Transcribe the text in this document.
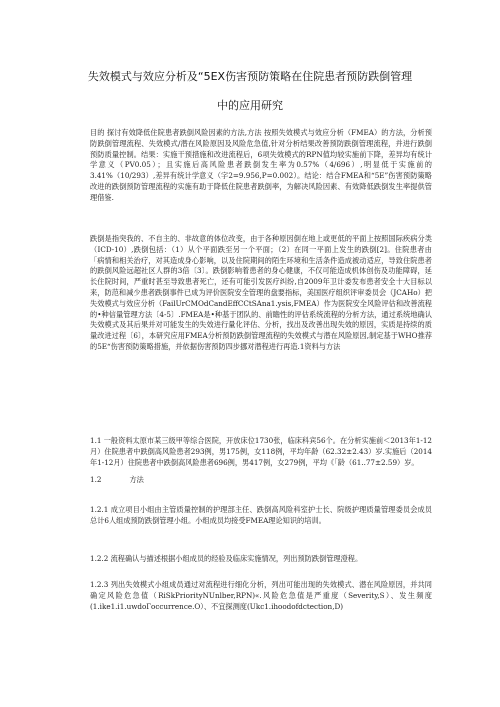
失效模式与效应分析及“5EX伤害预防策略在住院患者预防跌倒管理
中的应用研究

目的 探讨有效降低住院患者跌倒风险因素的方法,方法 按照失效模式与效应分析（FMEA）的方法，分析预防跌倒管理流程、失效模式/潜在风险原因及风险危急值,针对分析结果改善预防跌倒管理流程，并进行跌倒预防质量控制。结果：实施干预措施和改进流程后，6项失效模式的RPN值均较实施前下降，差异均有统计学意义（PV0.05）；且实施后高风险患者跌倒发生率为0.57%（4/696）,明显低于实施前的3.41%（10/293）,差异有统计学意义（字2=9.956,P=0.002）。结论：结合FMEA和“5E”伤害预防策略改进的跌倒预防管理流程的实施有助于降低住院患者跌倒率，为解决风险因素、有效降低跌倒发生率提供管理借鉴.

跌倒是指突我的、不自主的、非故意的体位改变，由于各种原因倒在地上或更低的平面上按照国际疾病分类（ICD-10）,跌倒包括：（1）从个平面跌至另一个平面；（2）在同一平面上发生的跌倒[2]。住院患者由「病情和相关治疗，对其造成身心影响，以及住院期间的陌生环境和生活条件造成被动适应，导致住院患者的跌倒风险远超社区人群的3倍〔3〕。跌倒影响着患者的身心健康，不仅可能造成机体创伤及功能障碍，延长住院时间，严重时甚至导致患者死亡，还有可能引发医疗纠纷,自2009年卫计委发布患者安全十大目标以来，防范和减少患者跌倒事件已成为评价医院安全管理的盘要指标，美国医疗组织评审委员会（JCAHo）把失效模式与效应分析（FailUrCMOdCandEffCCtSAna1.ysis,FMEA）作为医院安全风险评估和改善流程的•种信量管理方法〔4-5〕.FMEA是•种基于团队的、前瞻性的评估系统流程的分析方法，通过系统地确认失效模式及其后果并对可能发生的失效进行量化评估、分析，找出及改善出现失效的原因，实质是持续的质量改进过程〔6〕，本研究应用FMEA分析预防跌倒管理流程的失效模式与潜在风险原因,制定基于WHO推荐的5E“伤害预防策略措施，并依据伤害预防四步挪对潜程进行再造.1资料与方法

1.1 一般资料太原市某三级甲等综合医院，开放床位1730张，临床科宾56个。在分析实施前＜2013年1-12月）住院患者中跌倒高风险患者293例，男175例，女118例，平均年龄（62.32±2.43）岁.实施后（2014年1-12月）住院患者中跌倒高风险患者696例，男417例，女279例，平均《「龄（61..77±2.59）岁。

1.2	方法

1.2.1 成立项目小组由主管质量控制的护理部主任、跌倒高风险科室护士长、院级护理质量管理委员会成员总计6人组成预防跌倒管理小组。小组成员均接受FMEA理论知识的培训。

1.2.2 流程确认与描述根据小组成员的经验及临床实施情况，列出预防跌倒管理澄程。

1.2.3 列出失效模式小组成员通过对流程进行细化分析，列出可能出现的失效模式、潜在风险原因，并共同确定风险危急值（RiSkPriorityNUnlber,RPN)«.风险危急值是严重度（Severity,S）、发生频度(1.ike1.i1.uwdoГoccurrence.O）、不宜探测度(Ukc1.ihoodofdctection,D)
